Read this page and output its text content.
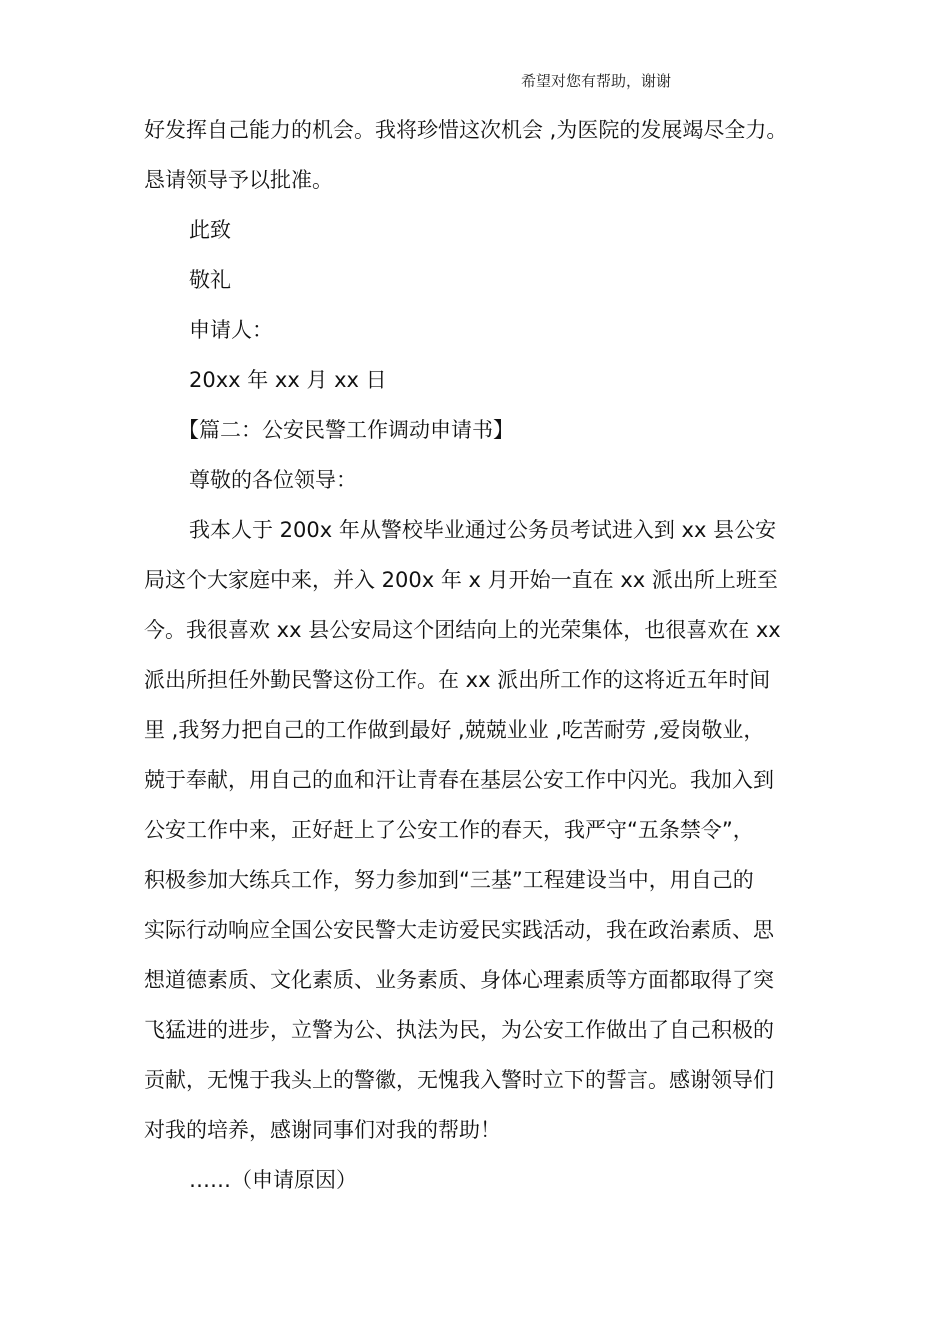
希望对您有帮助，谢谢
好发挥自己能力的机会。我将珍惜这次机会 ,为医院的发展竭尽全力。
恳请领导予以批准。
此致
敬礼
申请人：
20xx 年 xx 月 xx 日
【篇二：公安民警工作调动申请书】
尊敬的各位领导：
我本人于 200x 年从警校毕业通过公务员考试进入到 xx 县公安
局这个大家庭中来，并入 200x 年 x 月开始一直在 xx 派出所上班至
今。我很喜欢 xx 县公安局这个团结向上的光荣集体，也很喜欢在 xx
派出所担任外勤民警这份工作。在 xx 派出所工作的这将近五年时间
里 ,我努力把自己的工作做到最好 ,兢兢业业 ,吃苦耐劳 ,爱岗敬业，
兢于奉献，用自己的血和汗让青春在基层公安工作中闪光。我加入到
公安工作中来，正好赶上了公安工作的春天，我严守“五条禁令”，
积极参加大练兵工作，努力参加到“三基”工程建设当中，用自己的
实际行动响应全国公安民警大走访爱民实践活动，我在政治素质、思
想道德素质、文化素质、业务素质、身体心理素质等方面都取得了突
飞猛进的进步，立警为公、执法为民，为公安工作做出了自己积极的
贡献，无愧于我头上的警徽，无愧我入警时立下的誓言。感谢领导们
对我的培养，感谢同事们对我的帮助！
……（申请原因）
